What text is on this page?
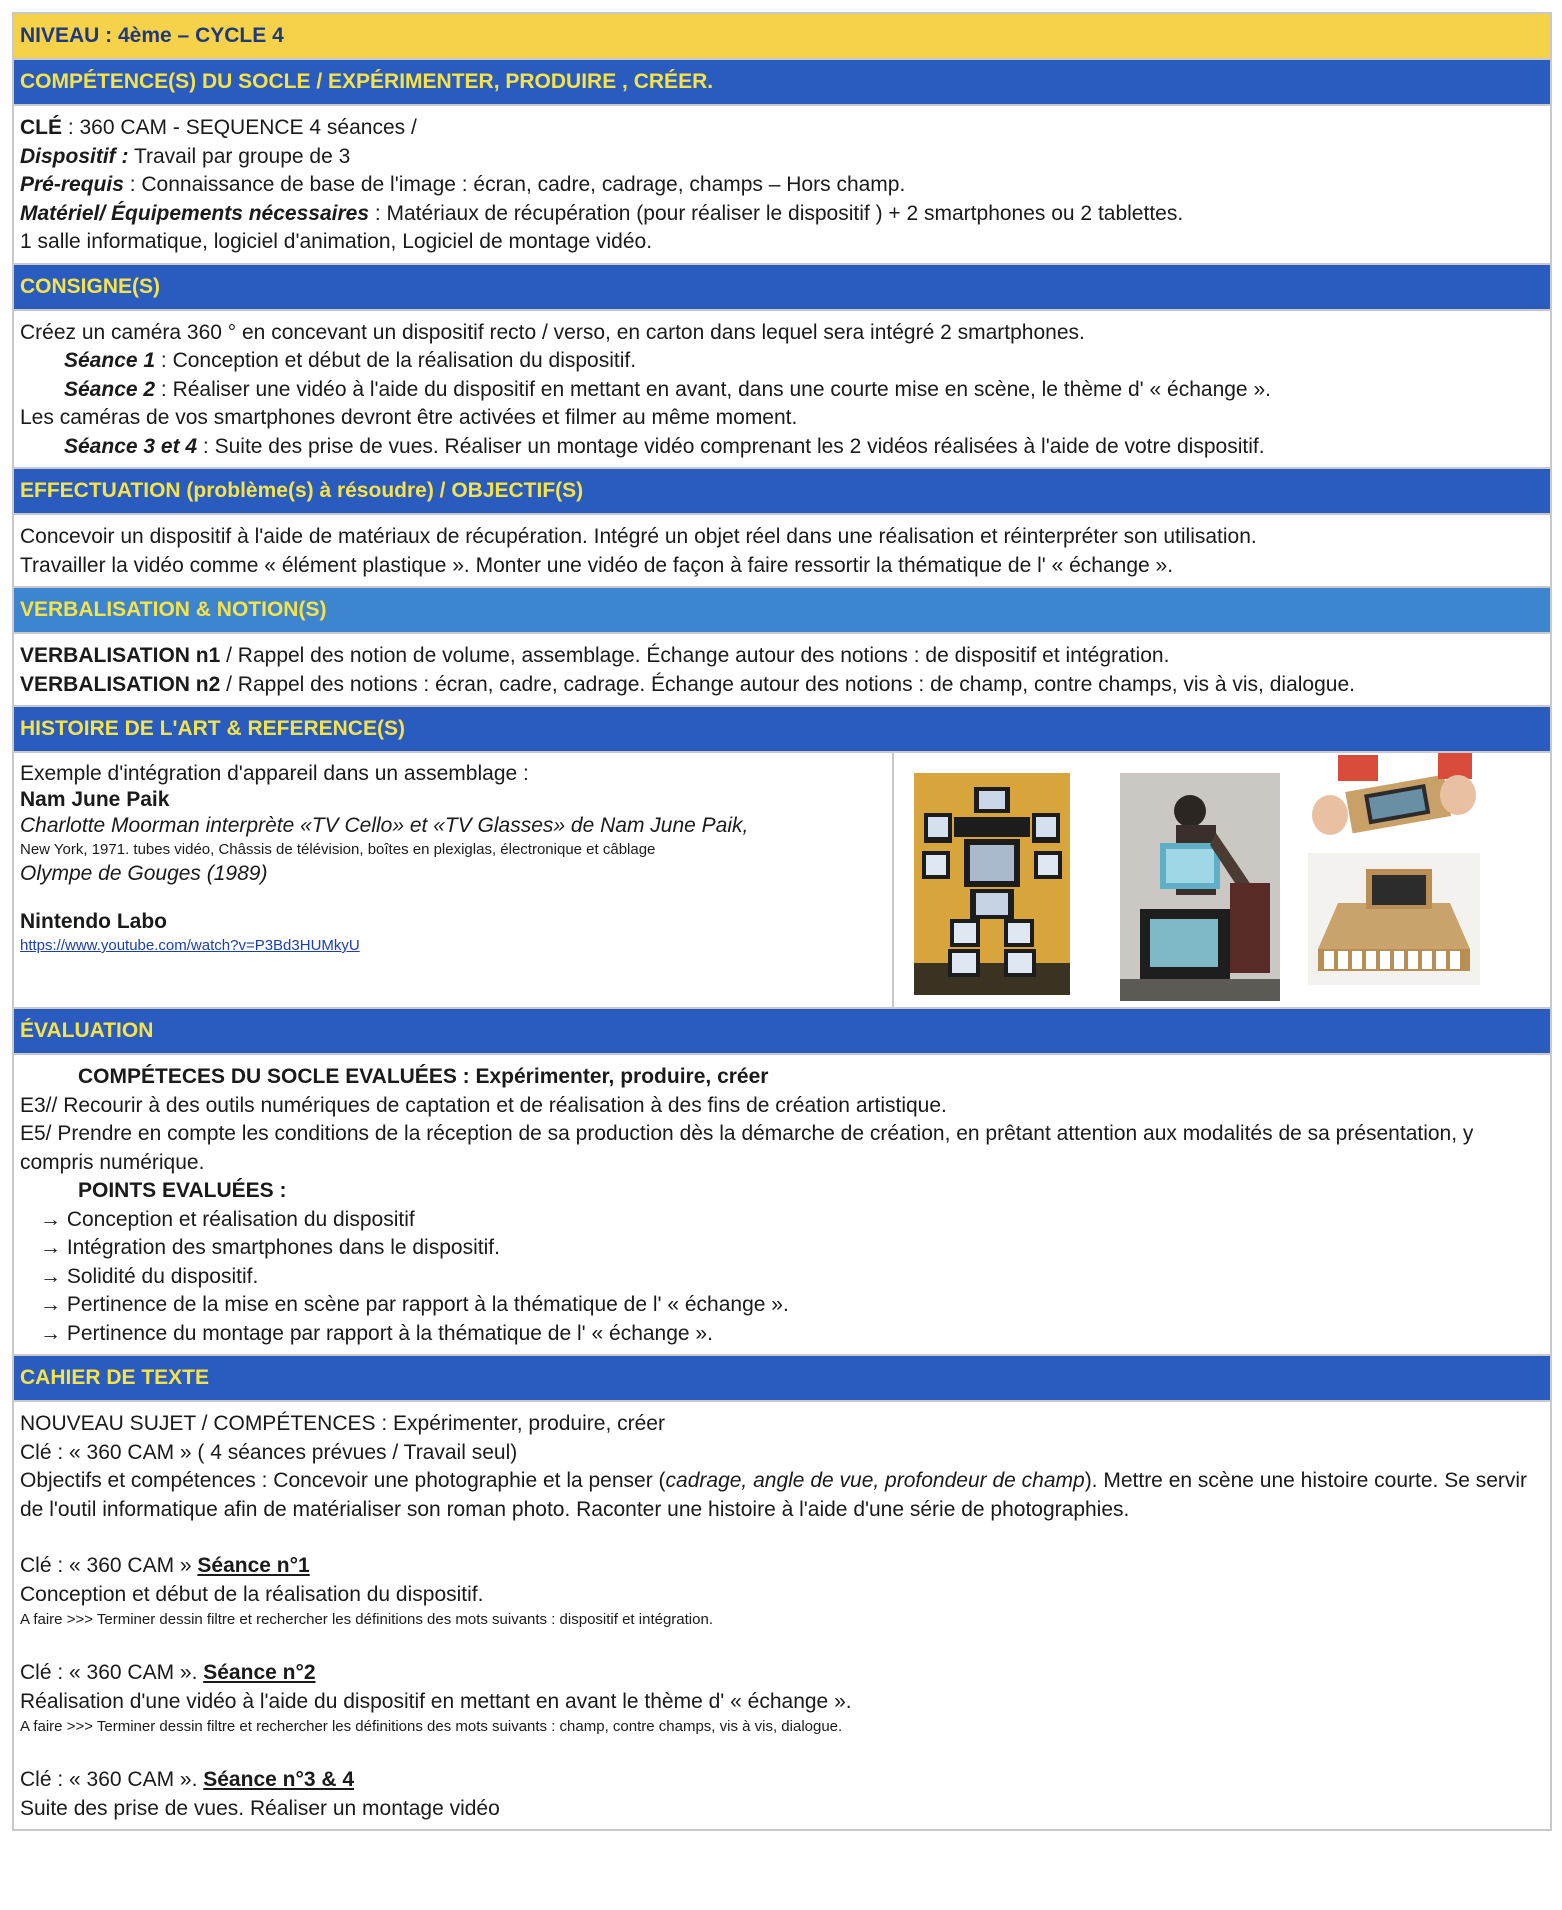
NIVEAU : 4ème – CYCLE 4
COMPÉTENCE(S) DU SOCLE / EXPÉRIMENTER, PRODUIRE , CRÉER.
CLÉ : 360 CAM - SEQUENCE 4 séances /
Dispositif : Travail par groupe de 3
Pré-requis : Connaissance de base de l'image : écran, cadre, cadrage, champs – Hors champ.
Matériel/ Équipements nécessaires : Matériaux de récupération (pour réaliser le dispositif ) + 2 smartphones ou 2 tablettes.
1 salle informatique, logiciel d'animation, Logiciel de montage vidéo.
CONSIGNE(S)
Créez un caméra 360 ° en concevant un dispositif recto / verso, en carton dans lequel sera intégré 2 smartphones.
Séance 1 : Conception et début de la réalisation du dispositif.
Séance 2 : Réaliser une vidéo à l'aide du dispositif en mettant en avant, dans une courte mise en scène, le thème d' « échange ».
Les caméras de vos smartphones devront être activées et filmer au même moment.
Séance 3 et 4 : Suite des prise de vues. Réaliser un montage vidéo comprenant les 2 vidéos réalisées à l'aide de votre dispositif.
EFFECTUATION (problème(s) à résoudre) / OBJECTIF(S)
Concevoir un dispositif à l'aide de matériaux de récupération. Intégré un objet réel dans une réalisation et réinterpréter son utilisation.
Travailler la vidéo comme « élément plastique ». Monter une vidéo de façon à faire ressortir la thématique de l' « échange ».
VERBALISATION & NOTION(S)
VERBALISATION n1 / Rappel des notion de volume, assemblage. Échange autour des notions : de dispositif et intégration.
VERBALISATION n2 / Rappel des notions : écran, cadre, cadrage. Échange autour des notions : de champ, contre champs, vis à vis, dialogue.
HISTOIRE DE L'ART & REFERENCE(S)
Exemple d'intégration d'appareil dans un assemblage :
Nam June Paik
Charlotte Moorman interprète «TV Cello» et «TV Glasses» de Nam June Paik,
New York, 1971. tubes vidéo, Châssis de télévision, boîtes en plexiglas, électronique et câblage
Olympe de Gouges (1989)
Nintendo Labo
https://www.youtube.com/watch?v=P3Bd3HUMkyU
ÉVALUATION
COMPÉTECES DU SOCLE EVALUÉES : Expérimenter, produire, créer
E3// Recourir à des outils numériques de captation et de réalisation à des fins de création artistique.
E5/ Prendre en compte les conditions de la réception de sa production dès la démarche de création, en prêtant attention aux modalités de sa présentation, y compris numérique.
POINTS EVALUÉES :
→ Conception et réalisation du dispositif
→ Intégration des smartphones dans le dispositif.
→ Solidité du dispositif.
→ Pertinence de la mise en scène par rapport à la thématique de l' « échange ».
→ Pertinence du montage par rapport à la thématique de l' « échange ».
CAHIER DE TEXTE
NOUVEAU SUJET / COMPÉTENCES : Expérimenter, produire, créer
Clé : « 360 CAM » ( 4 séances prévues / Travail seul)
Objectifs et compétences : Concevoir une photographie et la penser (cadrage, angle de vue, profondeur de champ). Mettre en scène une histoire courte. Se servir de l'outil informatique afin de matérialiser son roman photo. Raconter une histoire à l'aide d'une série de photographies.
Clé : « 360 CAM » Séance n°1
Conception et début de la réalisation du dispositif.
A faire >>> Terminer dessin filtre et rechercher les définitions des mots suivants : dispositif et intégration.
Clé : « 360 CAM ». Séance n°2
Réalisation d'une vidéo à l'aide du dispositif en mettant en avant le thème d' « échange ».
A faire >>> Terminer dessin filtre et rechercher les définitions des mots suivants : champ, contre champs, vis à vis, dialogue.
Clé : « 360 CAM ». Séance n°3 & 4
Suite des prise de vues. Réaliser un montage vidéo
